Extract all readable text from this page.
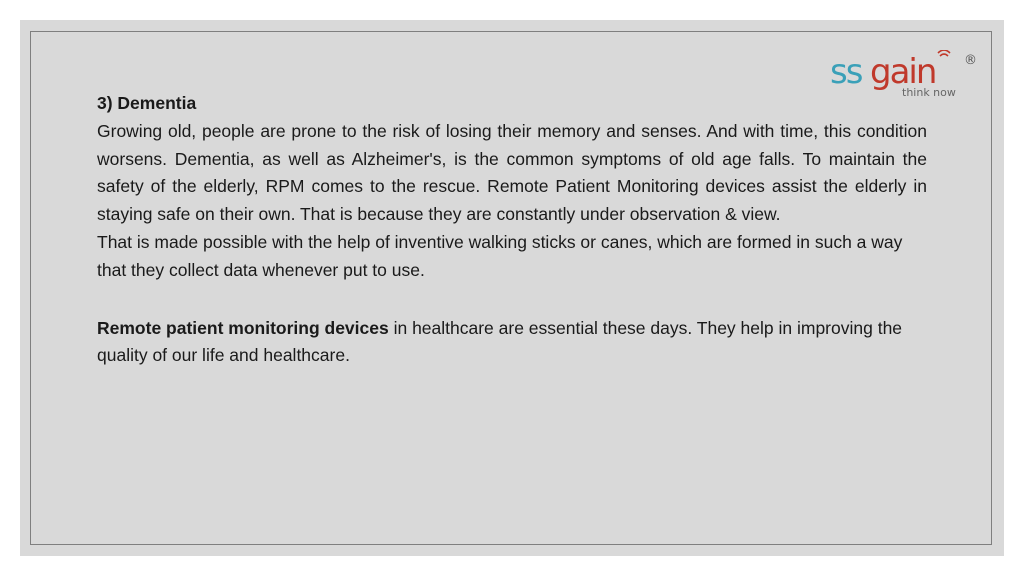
ss gain ®
think now

3) Dementia

Growing old, people are prone to the risk of losing their memory and senses. And with time, this condition worsens. Dementia, as well as Alzheimer's, is the common symptoms of old age falls. To maintain the safety of the elderly, RPM comes to the rescue. Remote Patient Monitoring devices assist the elderly in staying safe on their own. That is because they are constantly under observation & view.

That is made possible with the help of inventive walking sticks or canes, which are formed in such a way that they collect data whenever put to use.

Remote patient monitoring devices in healthcare are essential these days. They help in improving the quality of our life and healthcare.
